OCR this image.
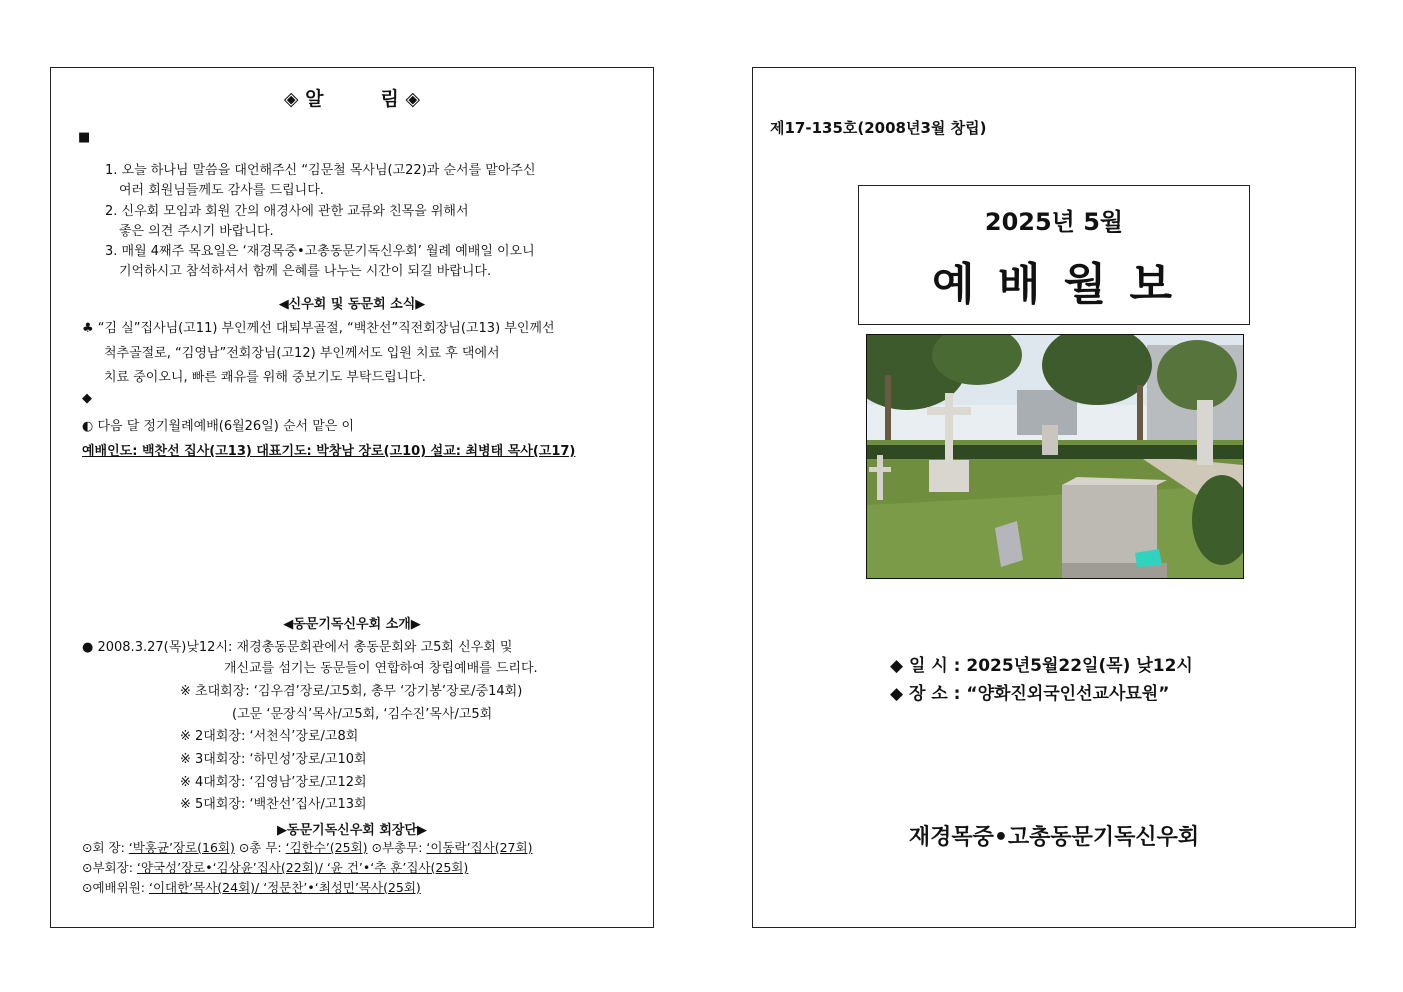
◈ 알　　　림 ◈
■
1. 오늘 하나님 말씀을 대언해주신 “김문철 목사님(고22)과 순서를 맡아주신
여러 회원님들께도 감사를 드립니다.
2. 신우회 모임과 회원 간의 애경사에 관한 교류와 친목을 위해서
좋은 의견 주시기 바랍니다.
3. 매월 4째주 목요일은 ‘재경목중•고총동문기독신우회’ 월례 예배일 이오니
기억하시고 참석하셔서 함께 은혜를 나누는 시간이 되길 바랍니다.
◀신우회 및 동문회 소식▶
♣ “김 실”집사님(고11) 부인께선 대퇴부골절, “백찬선”직전회장님(고13) 부인께선
척추골절로, “김영남”전회장님(고12) 부인께서도 입원 치료 후 댁에서
치료 중이오니, 빠른 쾌유를 위해 중보기도 부탁드립니다.
◆
◐ 다음 달 정기월례예배(6월26일) 순서 맡은 이
예배인도: 백찬선 집사(고13) 대표기도: 박창남 장로(고10) 설교: 최병태 목사(고17)
◀동문기독신우회 소개▶
● 2008.3.27(목)낮12시: 재경총동문회관에서 총동문회와 고5회 신우회 및
개신교를 섬기는 동문들이 연합하여 창립예배를 드리다.
※ 초대회장: ‘김우겸’장로/고5회, 총무 ‘강기봉’장로/중14회)
(고문 ‘문장식’목사/고5회, ‘김수진’목사/고5회
※ 2대회장: ‘서천식’장로/고8회
※ 3대회장: ‘하민성’장로/고10회
※ 4대회장: ‘김영남’장로/고12회
※ 5대회장: ‘백찬선’집사/고13회
▶동문기독신우회 회장단▶
⊙회 장: ‘박홍균’장로(16회) ⊙총 무: ‘김한수’(25회) ⊙부총무: ‘이동락’집사(27회)
⊙부회장: ‘양국성’장로•‘김상윤’집사(22회)/ ‘윤 건’•‘추 훈’집사(25회)
⊙예배위원: ‘이대한’목사(24회)/ ‘정문찬’•‘최성민’목사(25회)
제17-135호(2008년3월 창립)
2025년 5월
예 배 월 보
◆ 일 시 : 2025년5월22일(목) 낮12시
◆ 장 소 : “양화진외국인선교사묘원”
재경목중•고총동문기독신우회
